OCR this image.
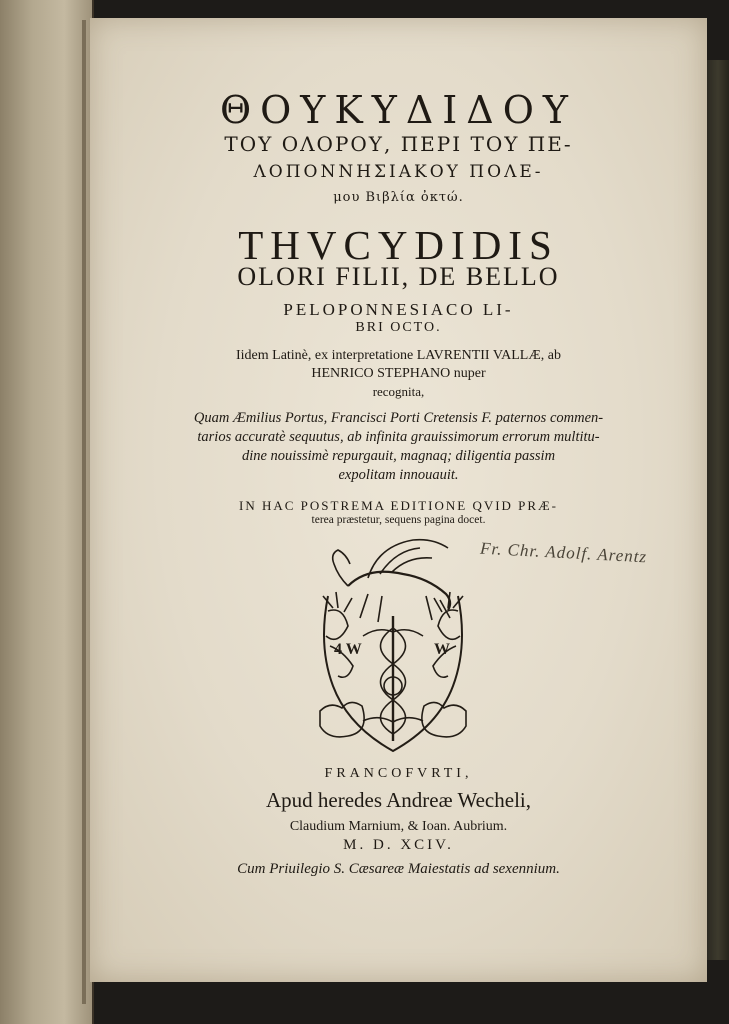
ΘΟΥΚΥΔΙΔΟΥ
ΤΟΥ ΟΛΟΡΟΥ, ΠΕΡΙ ΤΟΥ ΠΕ-
ΛΟΠΟΝΝΗΣΙΑΚΟΥ ΠΟΛΕ-
μου Βιβλία ὀκτώ.
THVCYDIDIS
OLORI FILII, DE BELLO
PELOPONNESIACO LI-
BRI OCTO.
Iidem Latinè, ex interpretatione LAVRENTII VALLÆ, ab
HENRICO STEPHANO nuper
recognita,
Quam Æmilius Portus, Francisci Porti Cretensis F. paternos commen-
tarios accuratè sequutus, ab infinita grauissimorum errorum multitu-
dine nouissimè repurgauit, magnaq; diligentia passim
expolitam innouauit.
IN HAC POSTREMA EDITIONE QVID PRÆ-
terea præstetur, sequens pagina docet.
Fr. Chr. Adolf. Arentz
4 W	W
FRANCOFVRTI,
Apud heredes Andreæ Wecheli,
Claudium Marnium, & Ioan. Aubrium.
M. D. XCIV.
Cum Priuilegio S. Cæsareæ Maiestatis ad sexennium.
